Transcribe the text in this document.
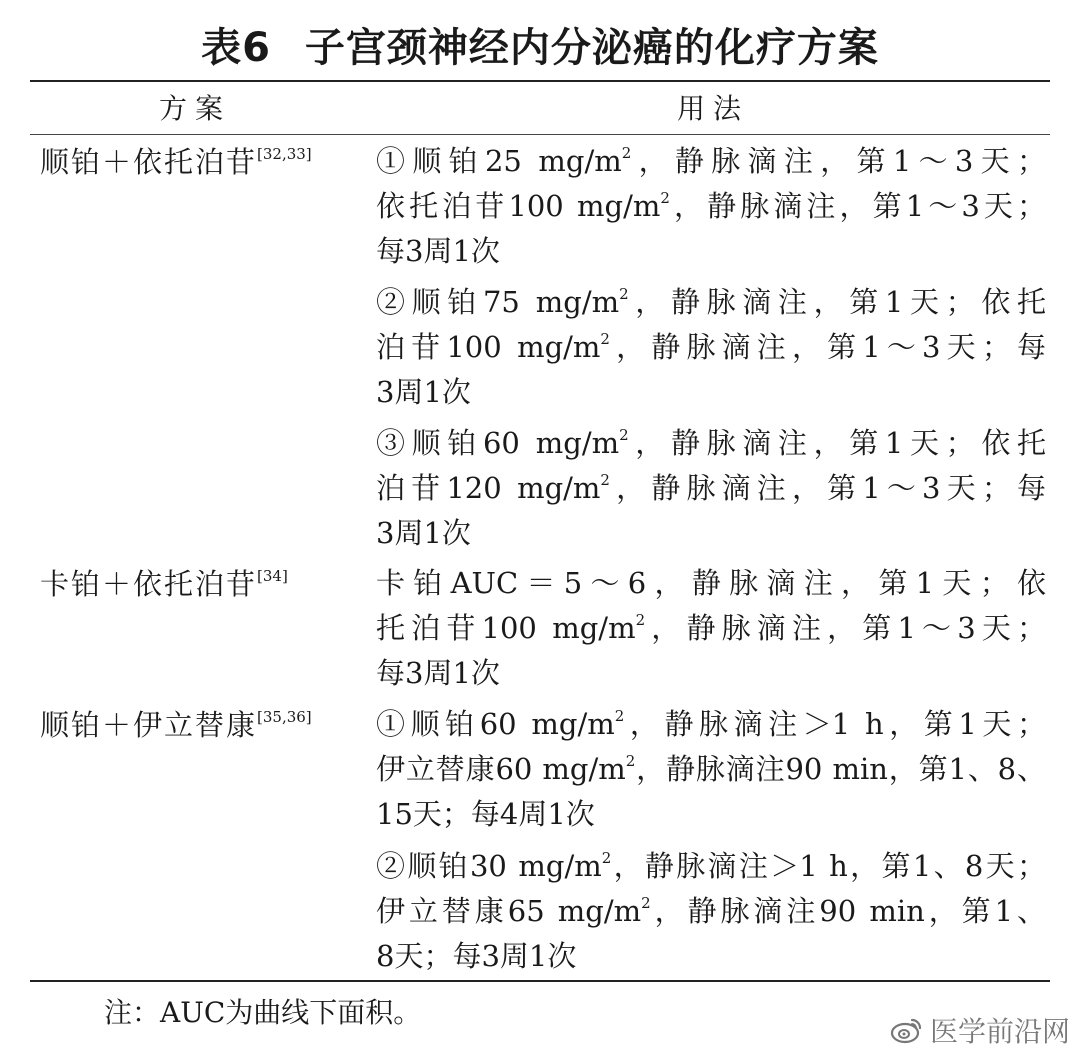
表6 子宫颈神经内分泌癌的化疗方案
方案	用法
顺铂＋依托泊苷[32,33]	①顺铂25 $mg/m^2$，静脉滴注，第1～3天；
依托泊苷100 $mg/m^2$，静脉滴注，第1～3天；
每3周1次
②顺铂75 $mg/m^2$，静脉滴注，第1天；依托
泊苷100 $mg/m^2$，静脉滴注，第1～3天；每
3周1次
③顺铂60 $mg/m^2$，静脉滴注，第1天；依托
泊苷120 $mg/m^2$，静脉滴注，第1～3天；每
3周1次
卡铂＋依托泊苷[34]	卡铂AUC＝5～6，静脉滴注，第1天；依
托泊苷100 $mg/m^2$，静脉滴注，第1～3天；
每3周1次
顺铂＋伊立替康[35,36]	①顺铂60 $mg/m^2$，静脉滴注＞1 h，第1天；
伊立替康60 $mg/m^2$，静脉滴注90 min，第1、8、
15天；每4周1次
②顺铂30 $mg/m^2$，静脉滴注＞1 h，第1、8天；
伊立替康65 $mg/m^2$，静脉滴注90 min，第1、
8天；每3周1次
注：AUC为曲线下面积。
医学前沿网
